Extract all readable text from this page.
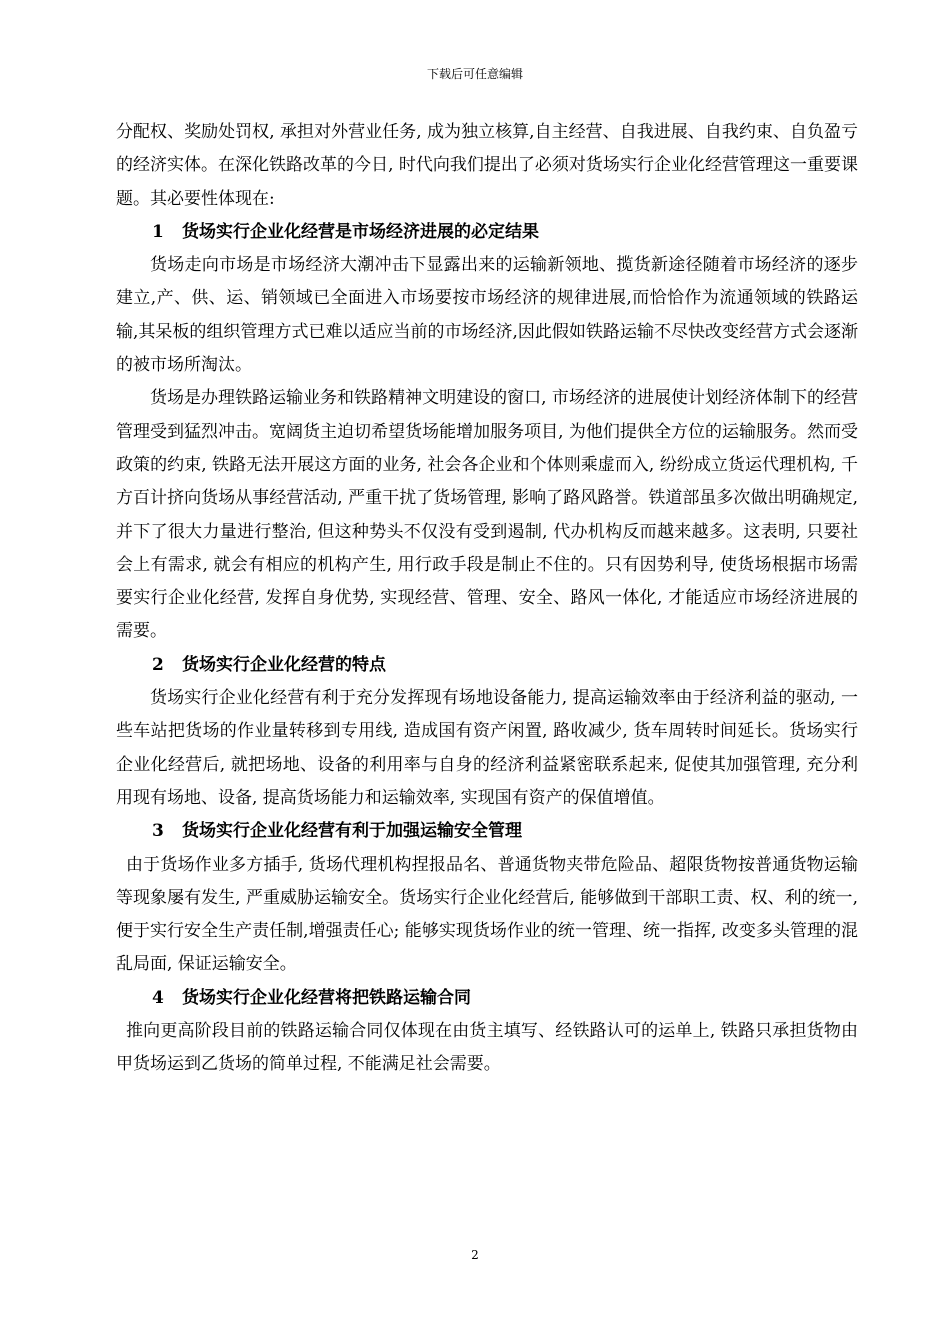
下载后可任意编辑

分配权、奖励处罚权, 承担对外营业任务, 成为独立核算,自主经营、自我进展、自我约束、自负盈亏的经济实体。在深化铁路改革的今日, 时代向我们提出了必须对货场实行企业化经营管理这一重要课题。其必要性体现在:

1 货场实行企业化经营是市场经济进展的必定结果

货场走向市场是市场经济大潮冲击下显露出来的运输新领地、揽货新途径随着市场经济的逐步建立,产、供、运、销领域已全面进入市场要按市场经济的规律进展,而恰恰作为流通领域的铁路运输,其呆板的组织管理方式已难以适应当前的市场经济,因此假如铁路运输不尽快改变经营方式会逐渐的被市场所淘汰。

货场是办理铁路运输业务和铁路精神文明建设的窗口, 市场经济的进展使计划经济体制下的经营管理受到猛烈冲击。宽阔货主迫切希望货场能增加服务项目, 为他们提供全方位的运输服务。然而受政策的约束, 铁路无法开展这方面的业务, 社会各企业和个体则乘虚而入, 纷纷成立货运代理机构, 千方百计挤向货场从事经营活动, 严重干扰了货场管理, 影响了路风路誉。铁道部虽多次做出明确规定, 并下了很大力量进行整治, 但这种势头不仅没有受到遏制, 代办机构反而越来越多。这表明, 只要社会上有需求, 就会有相应的机构产生, 用行政手段是制止不住的。只有因势利导, 使货场根据市场需要实行企业化经营, 发挥自身优势, 实现经营、管理、安全、路风一体化, 才能适应市场经济进展的需要。

2 货场实行企业化经营的特点

货场实行企业化经营有利于充分发挥现有场地设备能力, 提高运输效率由于经济利益的驱动, 一些车站把货场的作业量转移到专用线, 造成国有资产闲置, 路收减少, 货车周转时间延长。货场实行企业化经营后, 就把场地、设备的利用率与自身的经济利益紧密联系起来, 促使其加强管理, 充分利用现有场地、设备, 提高货场能力和运输效率, 实现国有资产的保值增值。

3 货场实行企业化经营有利于加强运输安全管理

由于货场作业多方插手, 货场代理机构捏报品名、普通货物夹带危险品、超限货物按普通货物运输等现象屡有发生, 严重威胁运输安全。货场实行企业化经营后, 能够做到干部职工责、权、利的统一, 便于实行安全生产责任制,增强责任心; 能够实现货场作业的统一管理、统一指挥, 改变多头管理的混乱局面, 保证运输安全。

4 货场实行企业化经营将把铁路运输合同

推向更高阶段目前的铁路运输合同仅体现在由货主填写、经铁路认可的运单上, 铁路只承担货物由甲货场运到乙货场的简单过程, 不能满足社会需要。

2
